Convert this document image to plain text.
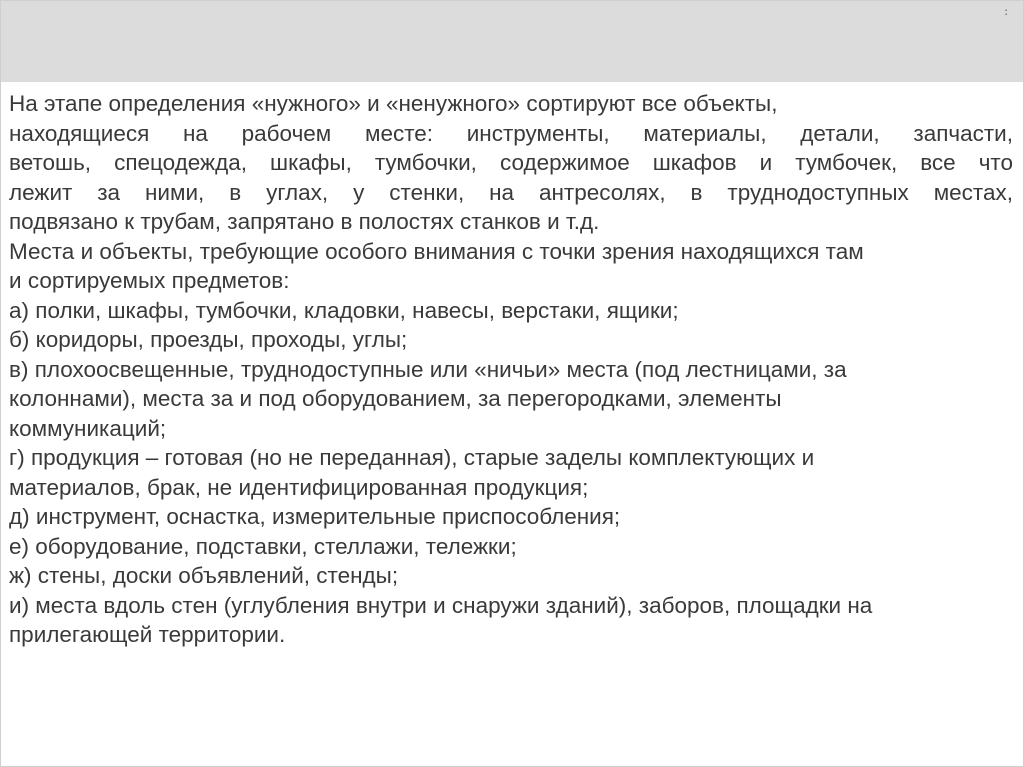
:
На этапе определения «нужного» и «ненужного» сортируют все объекты,
находящиеся на рабочем месте: инструменты, материалы, детали, запчасти,
ветошь, спецодежда, шкафы, тумбочки, содержимое шкафов и тумбочек, все что
лежит за ними, в углах, у стенки, на антресолях, в труднодоступных местах,
подвязано к трубам, запрятано в полостях станков и т.д.
Места и объекты, требующие особого внимания с точки зрения находящихся там
и сортируемых предметов:
а) полки, шкафы, тумбочки, кладовки, навесы, верстаки, ящики;
б) коридоры, проезды, проходы, углы;
в) плохоосвещенные, труднодоступные или «ничьи» места (под лестницами, за
колоннами), места за и под оборудованием, за перегородками, элементы
коммуникаций;
г) продукция – готовая (но не переданная), старые заделы комплектующих и
материалов, брак, не идентифицированная продукция;
д) инструмент, оснастка, измерительные приспособления;
е) оборудование, подставки, стеллажи, тележки;
ж) стены, доски объявлений, стенды;
и) места вдоль стен (углубления внутри и снаружи зданий), заборов, площадки на
прилегающей территории.
